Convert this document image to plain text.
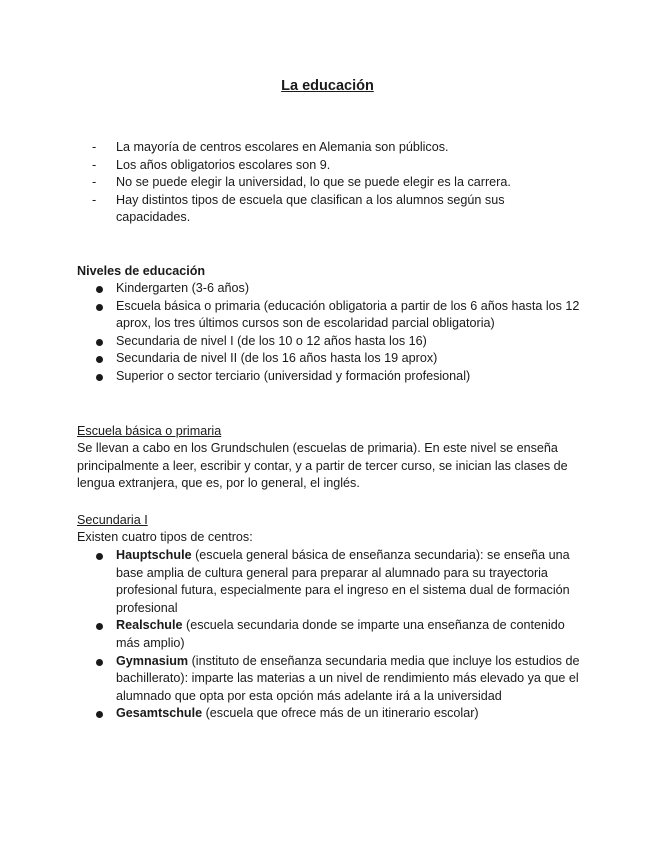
La educación
- La mayoría de centros escolares en Alemania son públicos.
- Los años obligatorios escolares son 9.
- No se puede elegir la universidad, lo que se puede elegir es la carrera.
- Hay distintos tipos de escuela que clasifican a los alumnos según sus capacidades.
Niveles de educación
Kindergarten (3-6 años)
Escuela básica o primaria (educación obligatoria a partir de los 6 años hasta los 12 aprox, los tres últimos cursos son de escolaridad parcial obligatoria)
Secundaria de nivel I (de los 10 o 12 años hasta los 16)
Secundaria de nivel II (de los 16 años hasta los 19 aprox)
Superior o sector terciario (universidad y formación profesional)
Escuela básica o primaria
Se llevan a cabo en los Grundschulen (escuelas de primaria). En este nivel se enseña principalmente a leer, escribir y contar, y a partir de tercer curso, se inician las clases de lengua extranjera, que es, por lo general, el inglés.
Secundaria I
Existen cuatro tipos de centros:
Hauptschule (escuela general básica de enseñanza secundaria): se enseña una base amplia de cultura general para preparar al alumnado para su trayectoria profesional futura, especialmente para el ingreso en el sistema dual de formación profesional
Realschule (escuela secundaria donde se imparte una enseñanza de contenido más amplio)
Gymnasium (instituto de enseñanza secundaria media que incluye los estudios de bachillerato): imparte las materias a un nivel de rendimiento más elevado ya que el alumnado que opta por esta opción más adelante irá a la universidad
Gesamtschule (escuela que ofrece más de un itinerario escolar)
